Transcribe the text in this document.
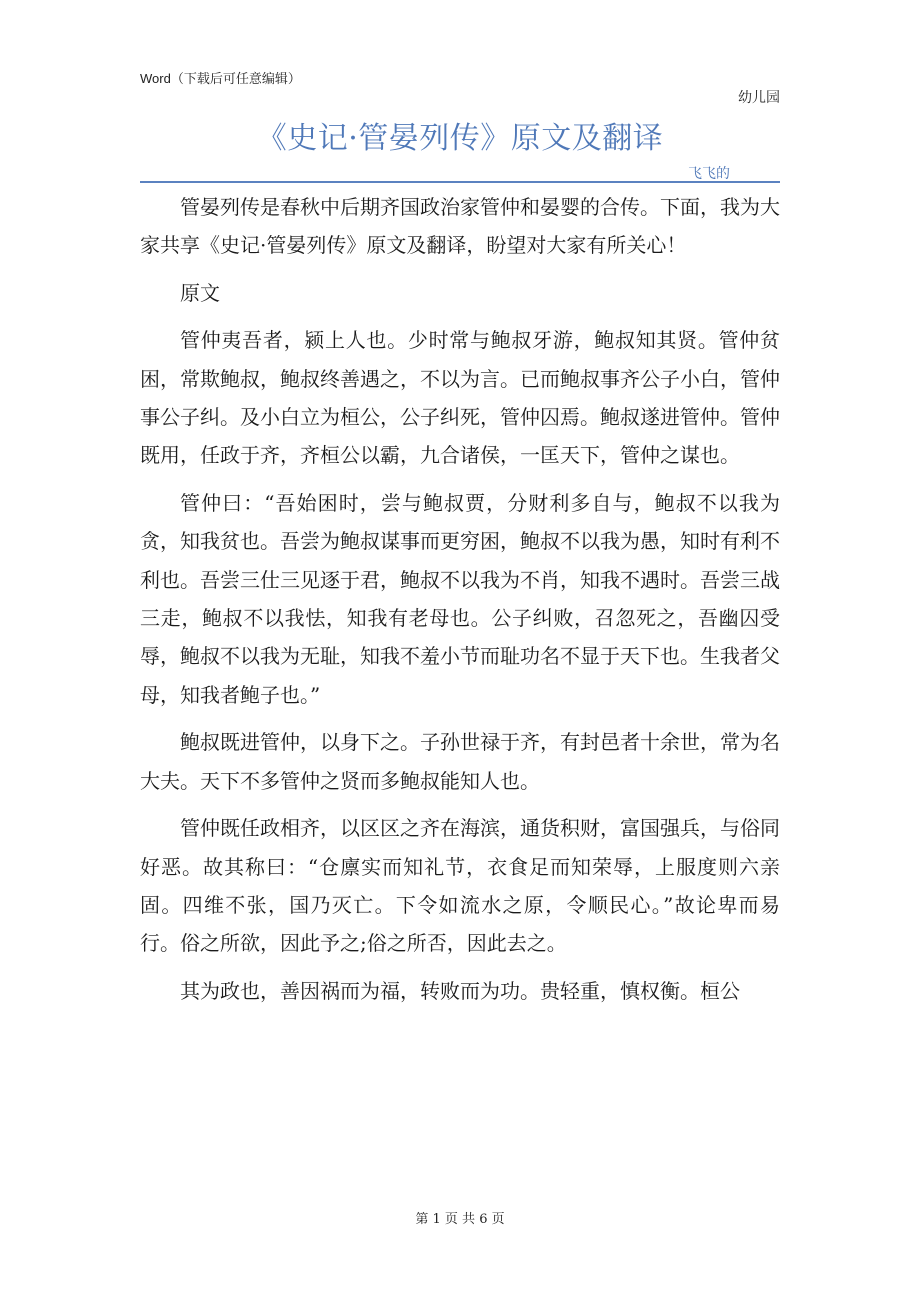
Word（下载后可任意编辑）
幼儿园
《史记·管晏列传》原文及翻译
飞飞的

管晏列传是春秋中后期齐国政治家管仲和晏婴的合传。下面，我为大家共享《史记·管晏列传》原文及翻译，盼望对大家有所关心！

原文

管仲夷吾者，颍上人也。少时常与鲍叔牙游，鲍叔知其贤。管仲贫困，常欺鲍叔，鲍叔终善遇之，不以为言。已而鲍叔事齐公子小白，管仲事公子纠。及小白立为桓公，公子纠死，管仲囚焉。鲍叔遂进管仲。管仲既用，任政于齐，齐桓公以霸，九合诸侯，一匡天下，管仲之谋也。

管仲曰：“吾始困时，尝与鲍叔贾，分财利多自与，鲍叔不以我为贪，知我贫也。吾尝为鲍叔谋事而更穷困，鲍叔不以我为愚，知时有利不利也。吾尝三仕三见逐于君，鲍叔不以我为不肖，知我不遇时。吾尝三战三走，鲍叔不以我怯，知我有老母也。公子纠败，召忽死之，吾幽囚受辱，鲍叔不以我为无耻，知我不羞小节而耻功名不显于天下也。生我者父母，知我者鲍子也。”

鲍叔既进管仲，以身下之。子孙世禄于齐，有封邑者十余世，常为名大夫。天下不多管仲之贤而多鲍叔能知人也。

管仲既任政相齐，以区区之齐在海滨，通货积财，富国强兵，与俗同好恶。故其称曰：“仓廪实而知礼节，衣食足而知荣辱，上服度则六亲固。四维不张，国乃灭亡。下令如流水之原，令顺民心。”故论卑而易行。俗之所欲，因此予之;俗之所否，因此去之。

其为政也，善因祸而为福，转败而为功。贵轻重，慎权衡。桓公

第 1 页 共 6 页
